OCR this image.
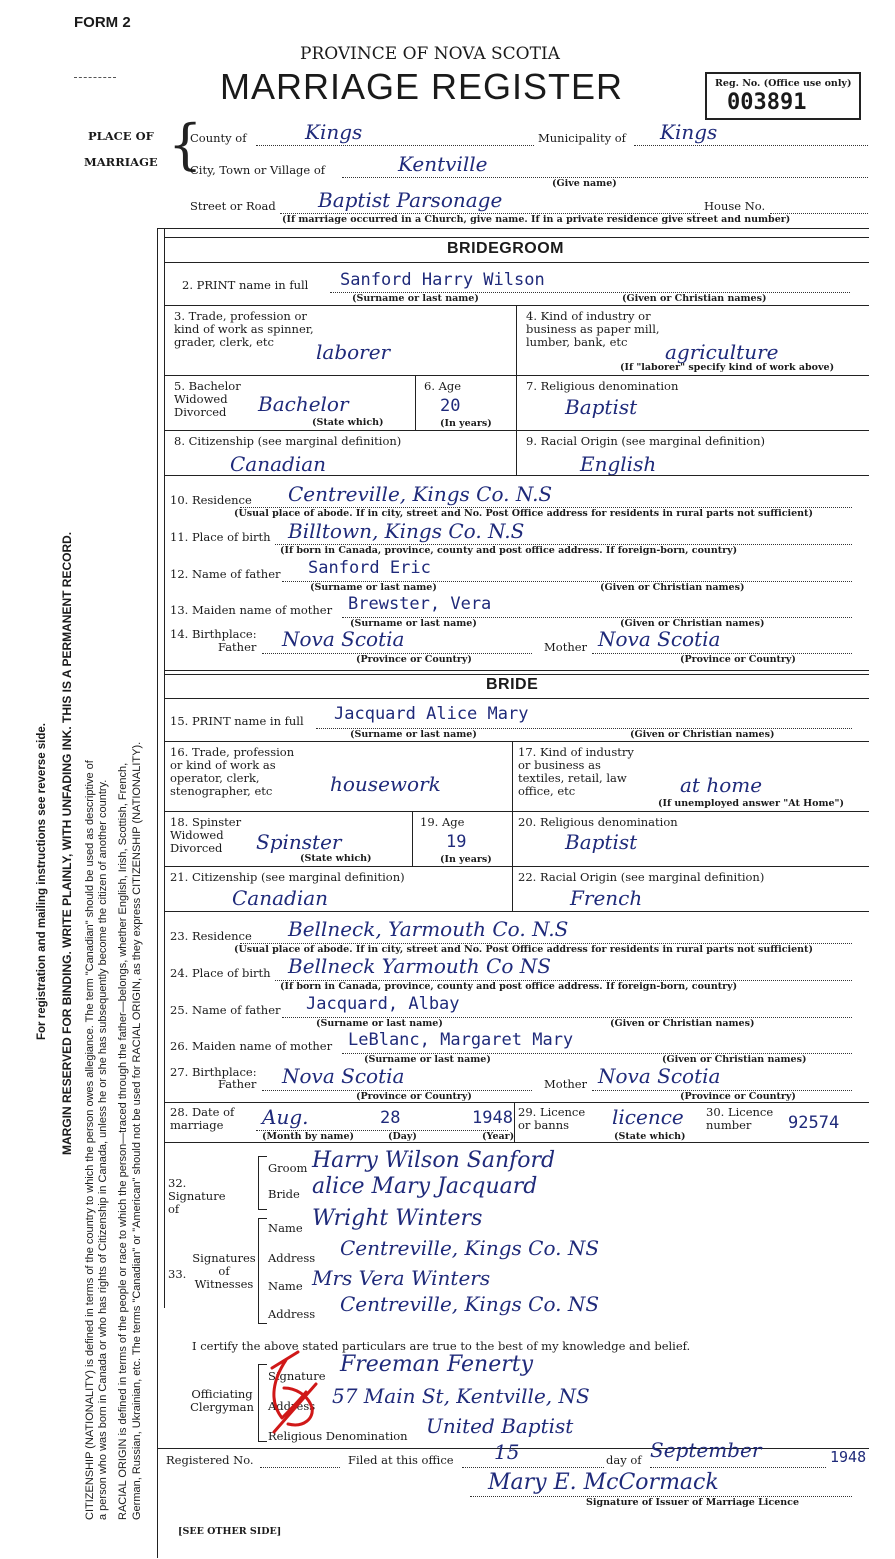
FORM 2
PROVINCE OF NOVA SCOTIA
MARRIAGE REGISTER	Reg. No. (Office use only)
003891
PLACE OF
MARRIAGE {
County of	Kings	Municipality of Kings
City, Town or Village of	Kentville
(Give name)
Street or Road Baptist Parsonage	House No.
(If marriage occurred in a Church, give name. If in a private residence give street and number)
MARGIN RESERVED FOR BINDING. WRITE PLAINLY, WITH UNFADING INK. THIS IS A PERMANENT RECORD.
For registration and mailing instructions see reverse side.	CITIZENSHIP (NATIONALITY) is defined in terms of the country to which the person owes allegiance. The term "Canadian" should be used as descriptive of a person who was born in Canada or who has rights of Citizenship in Canada, unless he or she has subsequently become the citizen of another country. RACIAL ORIGIN is defined in terms of the people or race to which the person—traced through the father—belongs, whether English, Irish, Scottish, French, German, Russian, Ukrainian, etc. The terms "Canadian" or "American" should not be used for RACIAL ORIGIN, as they express CITIZENSHIP (NATIONALITY).
BRIDEGROOM
2. PRINT name in full Sanford Harry Wilson
(Surname or last name)	(Given or Christian names)
3. Trade, profession or kind of work as spinner, grader, clerk, etc	laborer
4. Kind of industry or business as paper mill, lumber, bank, etc	agriculture
(If "laborer" specify kind of work above)
5. Bachelor Widowed Divorced	Bachelor
(State which)
6. Age
20
(In years)
7. Religious denomination
Baptist
8. Citizenship (see marginal definition)
Canadian
9. Racial Origin (see marginal definition)
English
10. Residence Centreville, Kings Co. N.S
(Usual place of abode. If in city, street and No. Post Office address for residents in rural parts not sufficient)
11. Place of birth Billtown, Kings Co. N.S
(If born in Canada, province, county and post office address. If foreign-born, country)
12. Name of father Sanford Eric
(Surname or last name)	(Given or Christian names)
13. Maiden name of mother Brewster, Vera
(Surname or last name)	(Given or Christian names)
14. Birthplace:
Father Nova Scotia
(Province or Country)
Mother Nova Scotia
(Province or Country)
BRIDE
15. PRINT name in full Jacquard Alice Mary
(Surname or last name)	(Given or Christian names)
16. Trade, profession or kind of work as operator, clerk, stenographer, etc	housework
17. Kind of industry or business as textiles, retail, law office, etc	at home
(If unemployed answer "At Home")
18. Spinster Widowed Divorced	Spinster
(State which)
19. Age
19
(In years)
20. Religious denomination
Baptist
21. Citizenship (see marginal definition)
Canadian
22. Racial Origin (see marginal definition)
French
23. Residence Bellneck, Yarmouth Co. N.S
(Usual place of abode. If in city, street and No. Post Office address for residents in rural parts not sufficient)
24. Place of birth Bellneck Yarmouth Co NS
(If born in Canada, province, county and post office address. If foreign-born, country)
25. Name of father Jacquard, Albay
(Surname or last name)	(Given or Christian names)
26. Maiden name of mother LeBlanc, Margaret Mary
(Surname or last name)	(Given or Christian names)
27. Birthplace:
Father Nova Scotia
(Province or Country)
Mother Nova Scotia
(Province or Country)
28. Date of marriage	Aug.	28	1948
(Month by name)	(Day)	(Year)
29. Licence or banns	licence
(State which)
30. Licence number	92574
32. Signature of
Groom Harry Wilson Sanford
Bride alice Mary Jacquard
33.
Signatures of Witnesses
Name Wright Winters
Address Centreville, Kings Co. NS
Name Mrs Vera Winters
Address Centreville, Kings Co. NS
I certify the above stated particulars are true to the best of my knowledge and belief.
Officiating Clergyman
Signature Freeman Fenerty
Address 57 Main St, Kentville, NS
Religious Denomination United Baptist
Registered No.	Filed at this office 15	day of September	1948
Mary E. McCormack
Signature of Issuer of Marriage Licence
[SEE OTHER SIDE]
